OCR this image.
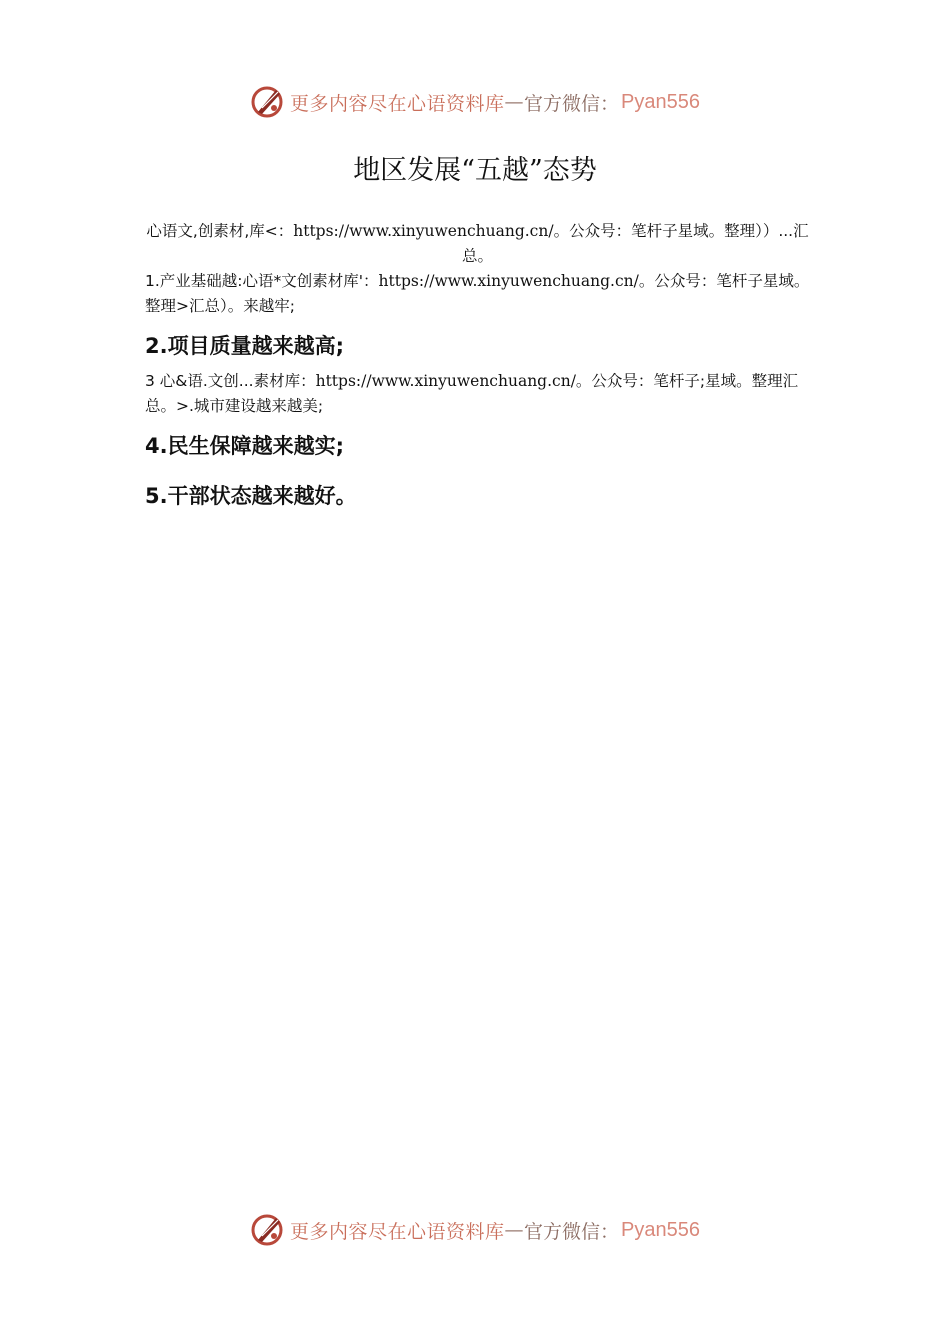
更多内容尽在心语资料库 — 官方微信： Pyan556
地区发展“五越”态势
心语文,创素材,库<：https://www.xinyuwenchuang.cn/。公众号：笔杆子星域。整理））...汇总。
1.产业基础越:心语*文创素材库'：https://www.xinyuwenchuang.cn/。公众号：笔杆子星域。整理>汇总）。来越牢;
2.项目质量越来越高;
3 心&语.文创...素材库：https://www.xinyuwenchuang.cn/。公众号：笔杆子;星域。整理汇总。>.城市建设越来越美;
4.民生保障越来越实;
5.干部状态越来越好。
更多内容尽在心语资料库 — 官方微信： Pyan556
